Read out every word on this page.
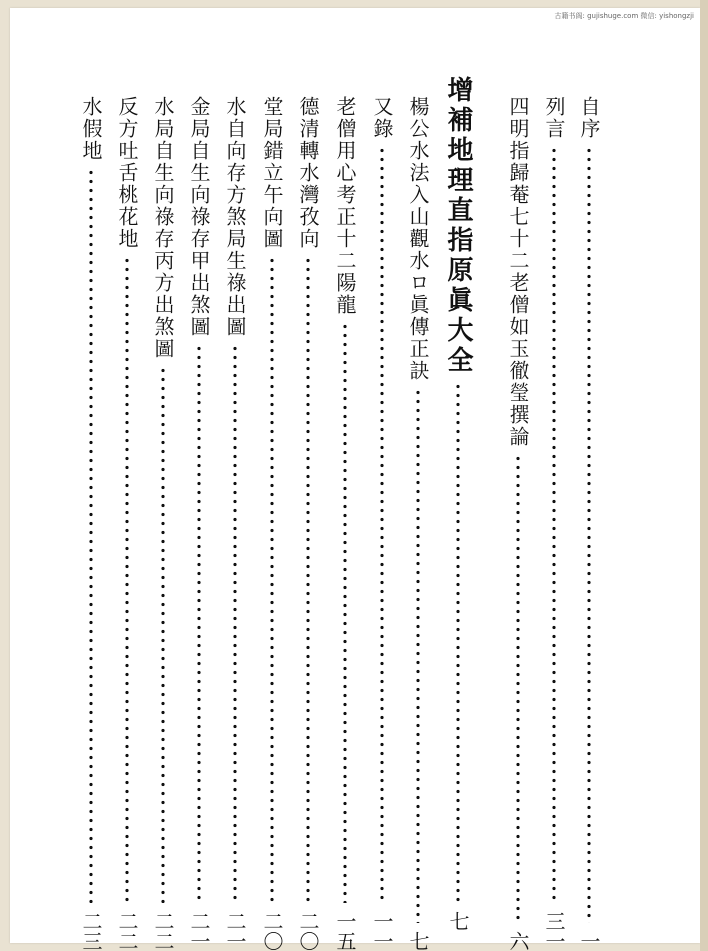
古籍书阁: gujishuge.com 微信: yishongzji
自序
一
列言
三一
四明指歸菴七十二老僧如玉徹瑩撰論
六
增補地理直指原眞大全
七
楊公水法入山觀水ロ眞傳正訣
七
又錄
一一
老僧用心考正十二陽龍
一五
德清轉水灣孜向
二〇
堂局錯立午向圖
二〇
水自向存方煞局生祿出圖
二一
金局自生向祿存甲出煞圖
二一
水局自生向祿存丙方出煞圖
二二
反方吐舌桃花地
二二
水假地
二三
